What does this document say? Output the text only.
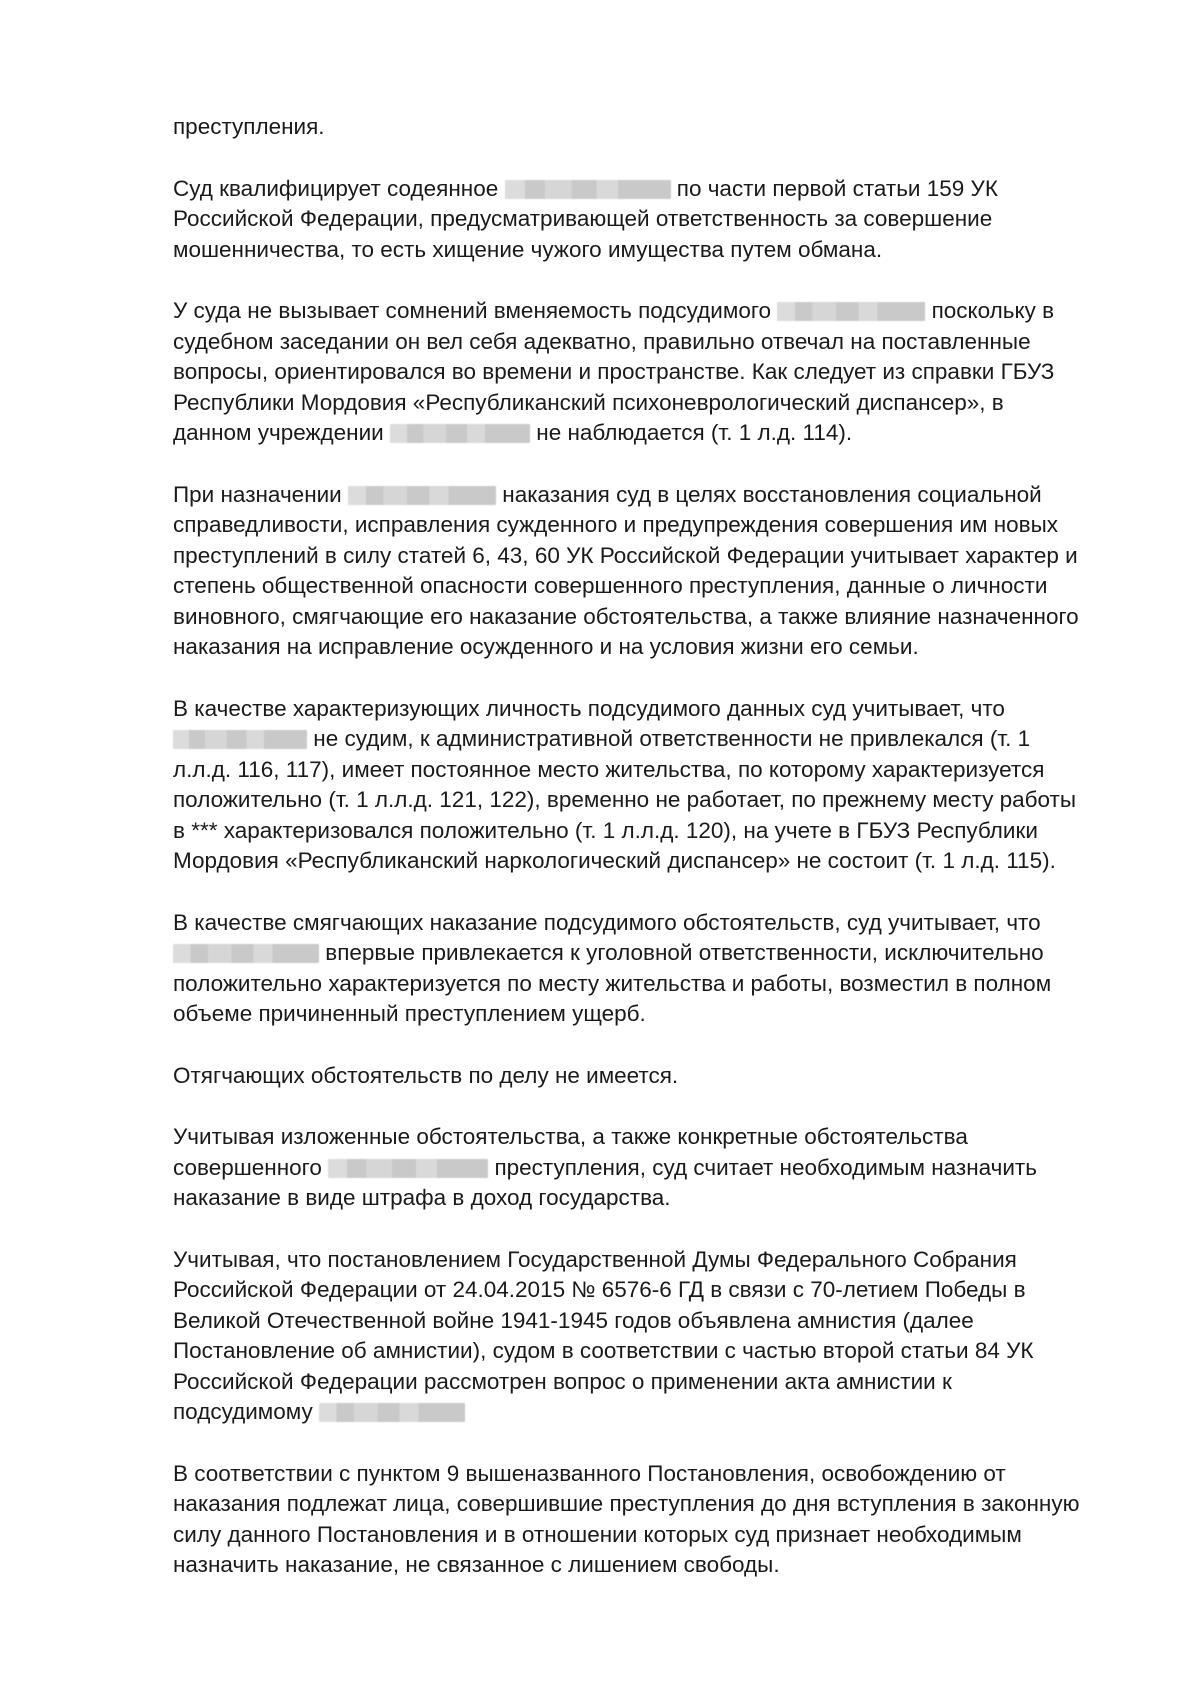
преступления.

Суд квалифицирует содеянное	по части первой статьи 159 УК
Российской Федерации, предусматривающей ответственность за совершение
мошенничества, то есть хищение чужого имущества путем обмана.

У суда не вызывает сомнений вменяемость подсудимого	поскольку в
судебном заседании он вел себя адекватно, правильно отвечал на поставленные
вопросы, ориентировался во времени и пространстве. Как следует из справки ГБУЗ
Республики Мордовия «Республиканский психоневрологический диспансер», в
данном учреждении	не наблюдается (т. 1 л.д. 114).

При назначении	наказания суд в целях восстановления социальной
справедливости, исправления сужденного и предупреждения совершения им новых
преступлений в силу статей 6, 43, 60 УК Российской Федерации учитывает характер и
степень общественной опасности совершенного преступления, данные о личности
виновного, смягчающие его наказание обстоятельства, а также влияние назначенного
наказания на исправление осужденного и на условия жизни его семьи.

В качестве характеризующих личность подсудимого данных суд учитывает, что
не судим, к административной ответственности не привлекался (т. 1
л.л.д. 116, 117), имеет постоянное место жительства, по которому характеризуется
положительно (т. 1 л.л.д. 121, 122), временно не работает, по прежнему месту работы
в *** характеризовался положительно (т. 1 л.л.д. 120), на учете в ГБУЗ Республики
Мордовия «Республиканский наркологический диспансер» не состоит (т. 1 л.д. 115).

В качестве смягчающих наказание подсудимого обстоятельств, суд учитывает, что
впервые привлекается к уголовной ответственности, исключительно
положительно характеризуется по месту жительства и работы, возместил в полном
объеме причиненный преступлением ущерб.

Отягчающих обстоятельств по делу не имеется.

Учитывая изложенные обстоятельства, а также конкретные обстоятельства
совершенного	преступления, суд считает необходимым назначить
наказание в виде штрафа в доход государства.

Учитывая, что постановлением Государственной Думы Федерального Собрания
Российской Федерации от 24.04.2015 № 6576-6 ГД в связи с 70-летием Победы в
Великой Отечественной войне 1941-1945 годов объявлена амнистия (далее
Постановление об амнистии), судом в соответствии с частью второй статьи 84 УК
Российской Федерации рассмотрен вопрос о применении акта амнистии к
подсудимому

В соответствии с пунктом 9 вышеназванного Постановления, освобождению от
наказания подлежат лица, совершившие преступления до дня вступления в законную
силу данного Постановления и в отношении которых суд признает необходимым
назначить наказание, не связанное с лишением свободы.
